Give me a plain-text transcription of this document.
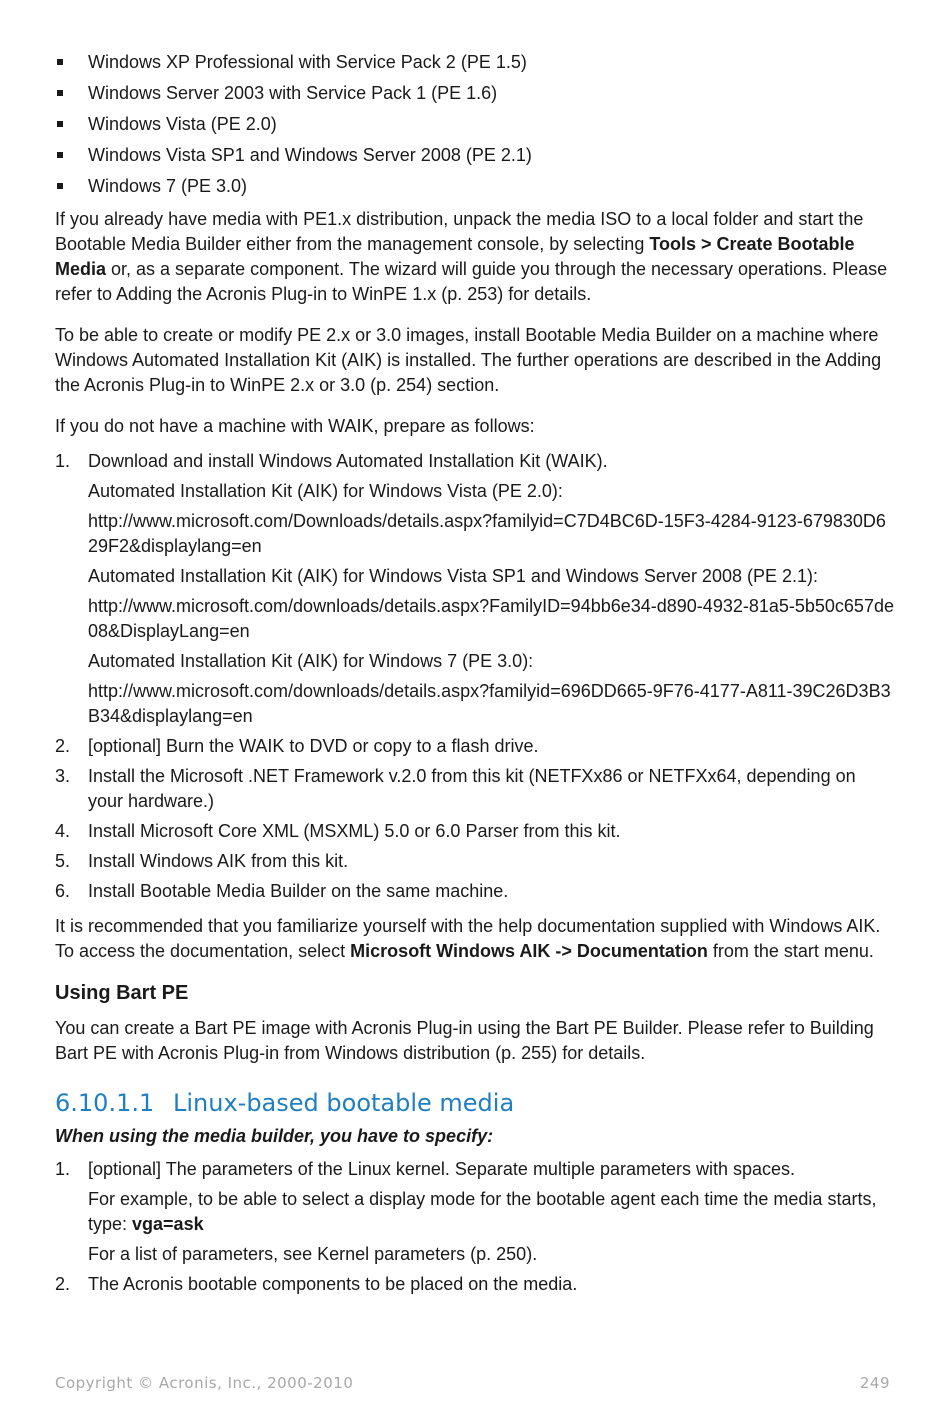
Windows XP Professional with Service Pack 2 (PE 1.5)
Windows Server 2003 with Service Pack 1 (PE 1.6)
Windows Vista (PE 2.0)
Windows Vista SP1 and Windows Server 2008 (PE 2.1)
Windows 7 (PE 3.0)

If you already have media with PE1.x distribution, unpack the media ISO to a local folder and start the Bootable Media Builder either from the management console, by selecting Tools > Create Bootable Media or, as a separate component. The wizard will guide you through the necessary operations. Please refer to Adding the Acronis Plug-in to WinPE 1.x (p. 253) for details.

To be able to create or modify PE 2.x or 3.0 images, install Bootable Media Builder on a machine where Windows Automated Installation Kit (AIK) is installed. The further operations are described in the Adding the Acronis Plug-in to WinPE 2.x or 3.0 (p. 254) section.

If you do not have a machine with WAIK, prepare as follows:

1. Download and install Windows Automated Installation Kit (WAIK).
Automated Installation Kit (AIK) for Windows Vista (PE 2.0):
http://www.microsoft.com/Downloads/details.aspx?familyid=C7D4BC6D-15F3-4284-9123-679830D629F2&displaylang=en
Automated Installation Kit (AIK) for Windows Vista SP1 and Windows Server 2008 (PE 2.1):
http://www.microsoft.com/downloads/details.aspx?FamilyID=94bb6e34-d890-4932-81a5-5b50c657de08&DisplayLang=en
Automated Installation Kit (AIK) for Windows 7 (PE 3.0):
http://www.microsoft.com/downloads/details.aspx?familyid=696DD665-9F76-4177-A811-39C26D3B3B34&displaylang=en
2. [optional] Burn the WAIK to DVD or copy to a flash drive.
3. Install the Microsoft .NET Framework v.2.0 from this kit (NETFXx86 or NETFXx64, depending on your hardware.)
4. Install Microsoft Core XML (MSXML) 5.0 or 6.0 Parser from this kit.
5. Install Windows AIK from this kit.
6. Install Bootable Media Builder on the same machine.

It is recommended that you familiarize yourself with the help documentation supplied with Windows AIK. To access the documentation, select Microsoft Windows AIK -> Documentation from the start menu.

Using Bart PE

You can create a Bart PE image with Acronis Plug-in using the Bart PE Builder. Please refer to Building Bart PE with Acronis Plug-in from Windows distribution (p. 255) for details.

6.10.1.1 Linux-based bootable media
When using the media builder, you have to specify:
1. [optional] The parameters of the Linux kernel. Separate multiple parameters with spaces.
For example, to be able to select a display mode for the bootable agent each time the media starts, type: vga=ask
For a list of parameters, see Kernel parameters (p. 250).
2. The Acronis bootable components to be placed on the media.
Copyright © Acronis, Inc., 2000-2010	249
